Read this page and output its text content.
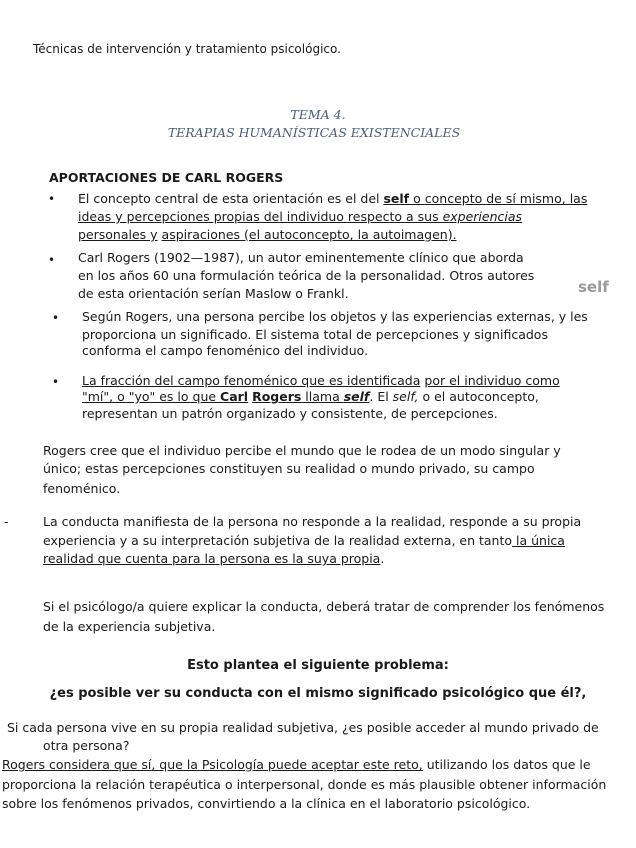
Técnicas de intervención y tratamiento psicológico.
TEMA 4.
TERAPIAS HUMANÍSTICAS EXISTENCIALES
APORTACIONES DE CARL ROGERS
• El concepto central de esta orientación es el del self o concepto de sí mismo, las
ideas y percepciones propias del individuo respecto a sus experiencias
personales y aspiraciones (el autoconcepto, la autoimagen).
• Carl Rogers (1902—1987), un autor eminentemente clínico que aborda
en los años 60 una formulación teórica de la personalidad. Otros autores
de esta orientación serían Maslow o Frankl.	self
• Según Rogers, una persona percibe los objetos y las experiencias externas, y les
proporciona un significado. El sistema total de percepciones y significados
conforma el campo fenoménico del individuo.
• La fracción del campo fenoménico que es identificada por el individuo como
"mí", o "yo" es lo que Carl Rogers llama self. El self, o el autoconcepto,
representan un patrón organizado y consistente, de percepciones.
Rogers cree que el individuo percibe el mundo que le rodea de un modo singular y
único; estas percepciones constituyen su realidad o mundo privado, su campo
fenoménico.
-	La conducta manifiesta de la persona no responde a la realidad, responde a su propia
experiencia y a su interpretación subjetiva de la realidad externa, en tanto la única
realidad que cuenta para la persona es la suya propia.
Si el psicólogo/a quiere explicar la conducta, deberá tratar de comprender los fenómenos
de la experiencia subjetiva.
Esto plantea el siguiente problema:
¿es posible ver su conducta con el mismo significado psicológico que él?,
Si cada persona vive en su propia realidad subjetiva, ¿es posible acceder al mundo privado de
otra persona?
Rogers considera que sí, que la Psicología puede aceptar este reto, utilizando los datos que le
proporciona la relación terapéutica o interpersonal, donde es más plausible obtener información
sobre los fenómenos privados, convirtiendo a la clínica en el laboratorio psicológico.
